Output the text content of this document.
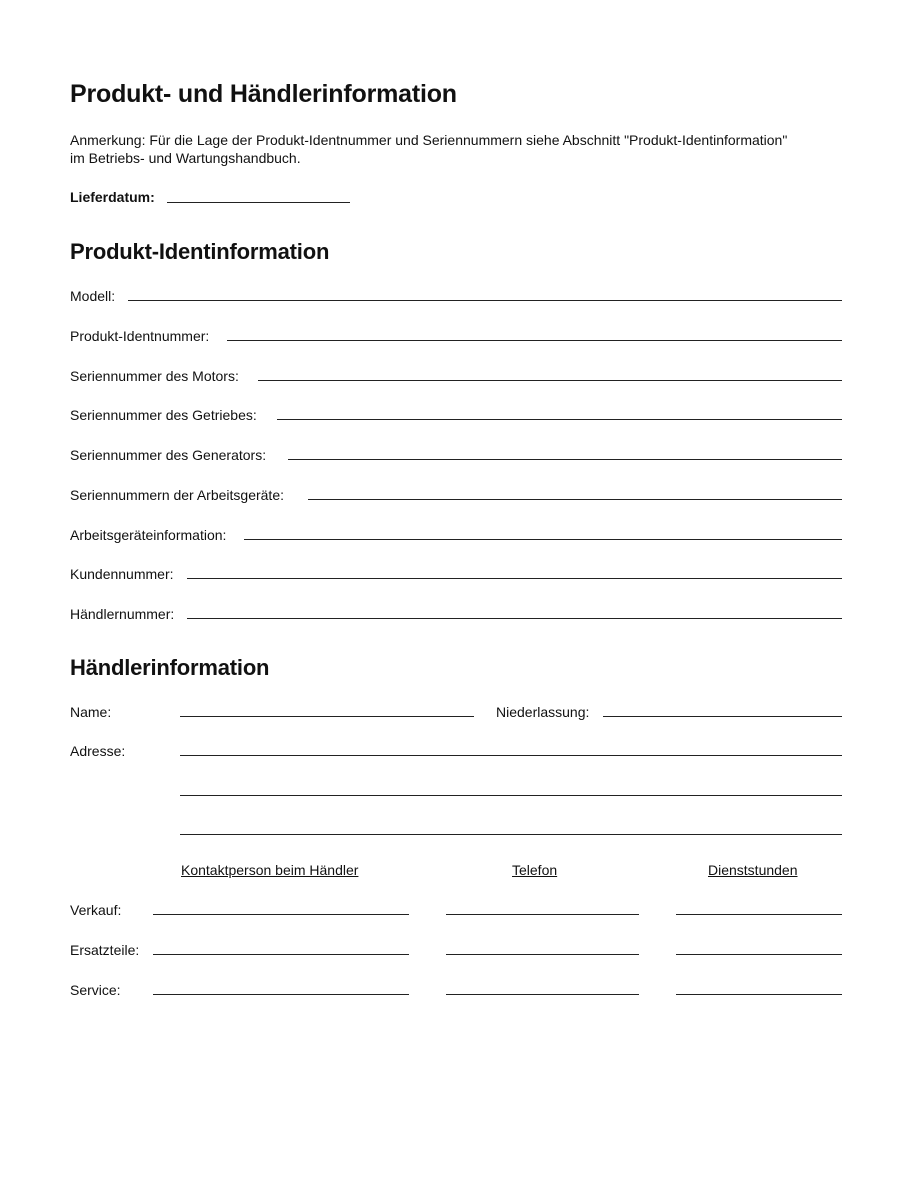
Produkt- und Händlerinformation
Anmerkung: Für die Lage der Produkt-Identnummer und Seriennummern siehe Abschnitt "Produkt-Identinformation"
im Betriebs- und Wartungshandbuch.
Lieferdatum:
Produkt-Identinformation
Modell:
Produkt-Identnummer:
Seriennummer des Motors:
Seriennummer des Getriebes:
Seriennummer des Generators:
Seriennummern der Arbeitsgeräte:
Arbeitsgeräteinformation:
Kundennummer:
Händlernummer:
Händlerinformation
Name:	Niederlassung:
Adresse:
Kontaktperson beim Händler	Telefon	Dienststunden
Verkauf:
Ersatzteile:
Service:
